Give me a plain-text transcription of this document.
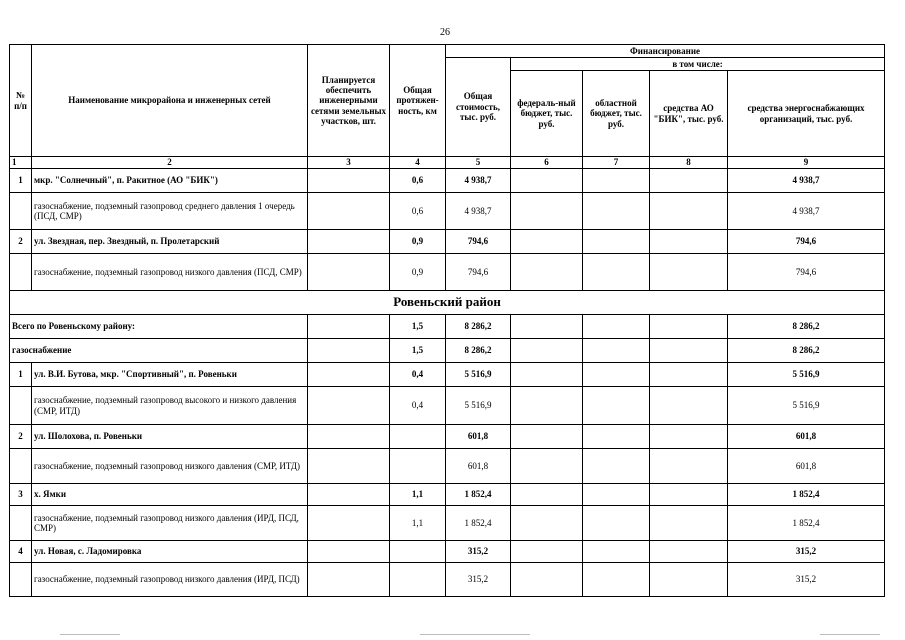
26
№
п/п	Наименование микрорайона и инженерных сетей	Планируется обеспечить инженерными сетями земельных участков, шт.	Общая протяжен-ность, км	Финансирование				
				Общая стоимость, тыс. руб.	в том числе:			
					федераль-ный бюджет, тыс. руб.	областной бюджет, тыс. руб.	средства АО "БИК", тыс. руб.	средства энергоснабжающих организаций, тыс. руб.
1	2	3	4	5	6	7	8	9
1	мкр. "Солнечный", п. Ракитное (АО "БИК")		0,6	4 938,7				4 938,7
	газоснабжение, подземный газопровод среднего давления 1 очередь (ПСД, СМР)		0,6	4 938,7				4 938,7
2	ул. Звездная, пер. Звездный, п. Пролетарский		0,9	794,6				794,6
	газоснабжение, подземный газопровод низкого давления (ПСД, СМР)		0,9	794,6				794,6
Ровеньский район								
Всего по Ровеньскому району:			1,5	8 286,2				8 286,2
газоснабжение			1,5	8 286,2				8 286,2
1	ул. В.И. Бутова, мкр. "Спортивный", п. Ровеньки		0,4	5 516,9				5 516,9
	газоснабжение, подземный газопровод высокого и низкого давления (СМР, ИТД)		0,4	5 516,9				5 516,9
2	ул. Шолохова, п. Ровеньки			601,8				601,8
	газоснабжение, подземный газопровод низкого давления (СМР, ИТД)			601,8				601,8
3	х. Ямки		1,1	1 852,4				1 852,4
	газоснабжение, подземный газопровод низкого давления (ИРД, ПСД, СМР)		1,1	1 852,4				1 852,4
4	ул. Новая, с. Ладомировка			315,2				315,2
	газоснабжение, подземный газопровод низкого давления (ИРД, ПСД)			315,2				315,2
